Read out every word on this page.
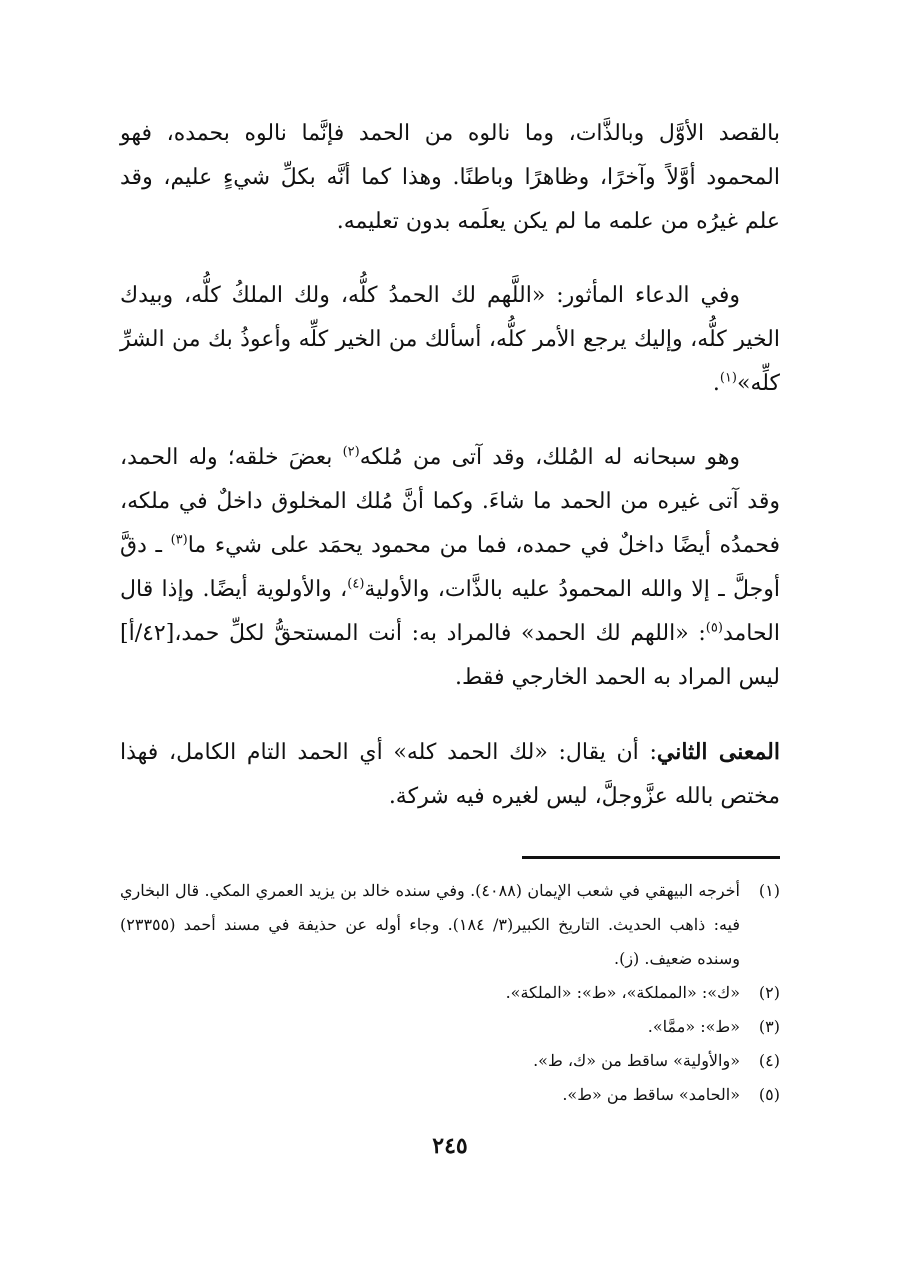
بالقصد الأوَّل وبالذَّات، وما نالوه من الحمد فإنَّما نالوه بحمده، فهو المحمود أوَّلاً وآخرًا، وظاهرًا وباطنًا. وهذا كما أنَّه بكلِّ شيءٍ عليم، وقد علم غيرُه من علمه ما لم يكن يعلَمه بدون تعليمه.

وفي الدعاء المأثور: «اللَّهم لك الحمدُ كلُّه، ولك الملكُ كلُّه، وبيدك الخير كلُّه، وإليك يرجع الأمر كلُّه، أسألك من الخير كلِّه وأعوذُ بك من الشرِّ كلِّه»$^{(١)}$.

وهو سبحانه له المُلك، وقد آتى من مُلكه$^{(٢)}$ بعضَ خلقه؛ وله الحمد، وقد آتى غيره من الحمد ما شاءَ. وكما أنَّ مُلك المخلوق داخلٌ في ملكه، فحمدُه أيضًا داخلٌ في حمده، فما من محمود يحمَد على شيء ما$^{(٣)}$ ـ دقَّ أوجلَّ ـ إلا والله المحمودُ عليه بالذَّات، والأولية$^{(٤)}$، والأولوية أيضًا. وإذا قال الحامد$^{(٥)}$: «اللهم لك الحمد» فالمراد به: أنت المستحقُّ لكلِّ حمد،[٤٢/أ] ليس المراد به الحمد الخارجي فقط.

المعنى الثاني: أن يقال: «لك الحمد كله» أي الحمد التام الكامل، فهذا مختص بالله عزَّوجلَّ، ليس لغيره فيه شركة.

(١)
أخرجه البيهقي في شعب الإيمان (٤٠٨٨). وفي سنده خالد بن يزيد العمري المكي. قال البخاري فيه: ذاهب الحديث. التاريخ الكبير(٣/ ١٨٤). وجاء أوله عن حذيفة في مسند أحمد (٢٣٣٥٥) وسنده ضعيف. (ز).
(٢)
«ك»: «المملكة»، «ط»: «الملكة».
(٣)
«ط»: «ممَّا».
(٤)
«والأولية» ساقط من «ك، ط».
(٥)
«الحامد» ساقط من «ط».
٢٤٥
